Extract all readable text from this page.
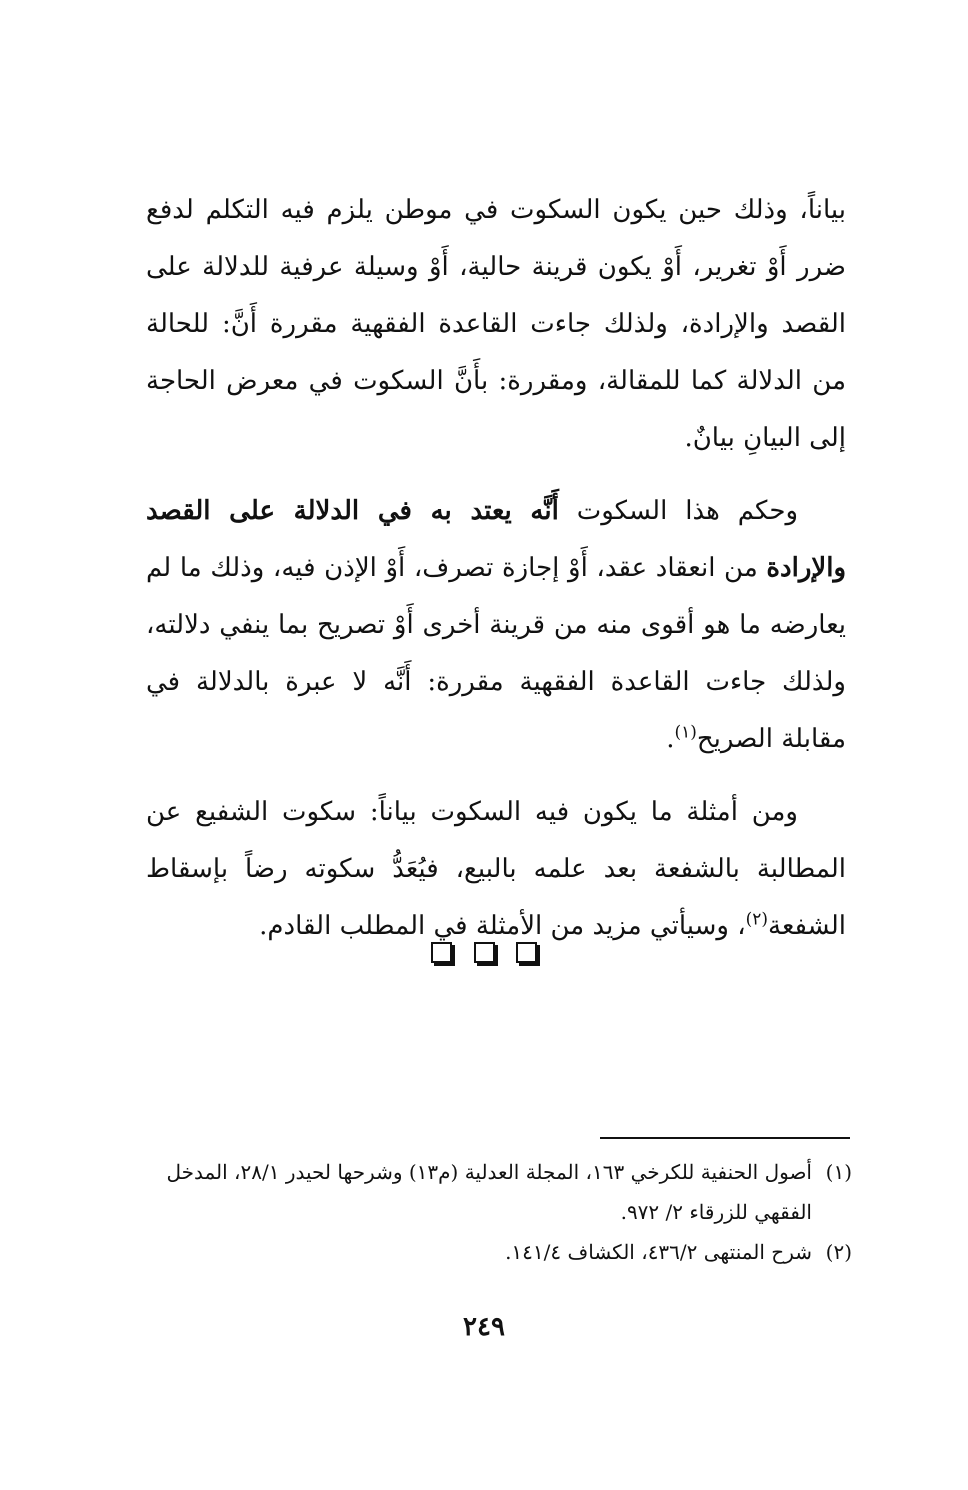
بياناً، وذلك حين يكون السكوت في موطن يلزم فيه التكلم لدفع ضرر أَوْ تغرير، أَوْ يكون قرينة حالية، أَوْ وسيلة عرفية للدلالة على القصد والإرادة، ولذلك جاءت القاعدة الفقهية مقررة أَنَّ: للحالة من الدلالة كما للمقالة، ومقررة: بأَنَّ السكوت في معرض الحاجة إلى البيانِ بيانٌ.

وحكم هذا السكوت أَنَّه يعتد به في الدلالة على القصد والإرادة من انعقاد عقد، أَوْ إجازة تصرف، أَوْ الإذن فيه، وذلك ما لم يعارضه ما هو أقوى منه من قرينة أخرى أَوْ تصريح بما ينفي دلالته، ولذلك جاءت القاعدة الفقهية مقررة: أَنَّه لا عبرة بالدلالة في مقابلة الصريح$^{(١)}$.

ومن أمثلة ما يكون فيه السكوت بياناً: سكوت الشفيع عن المطالبة بالشفعة بعد علمه بالبيع، فيُعَدُّ سكوته رضاً بإسقاط الشفعة$^{(٢)}$، وسيأتي مزيد من الأمثلة في المطلب القادم.

(١)
أصول الحنفية للكرخي ١٦٣، المجلة العدلية (م١٣) وشرحها لحيدر ٢٨/١، المدخل الفقهي للزرقاء ٢/ ٩٧٢.
(٢)
شرح المنتهى ٤٣٦/٢، الكشاف ١٤١/٤.
٢٤٩
